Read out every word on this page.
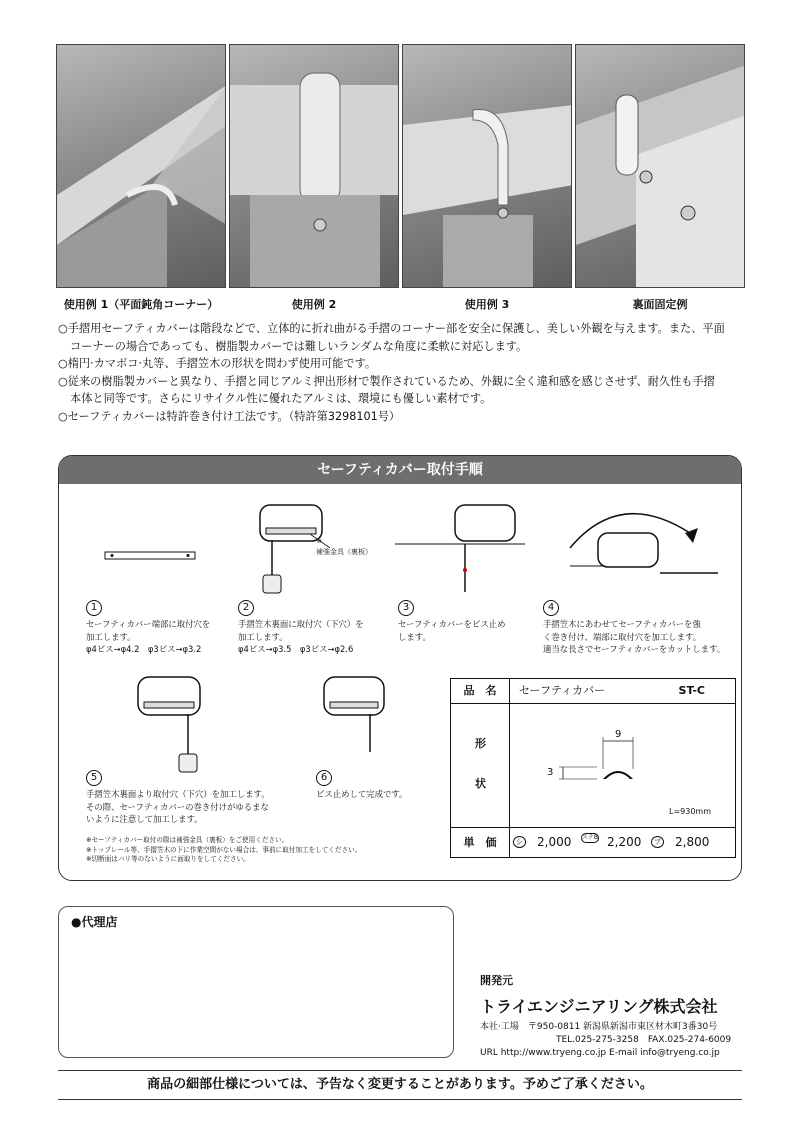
使用例 1（平面鈍角コーナー）	使用例 2	使用例 3	裏面固定例

○手摺用セーフティカバーは階段などで、立体的に折れ曲がる手摺のコーナー部を安全に保護し、美しい外観を与えます。また、平面

コーナーの場合であっても、樹脂製カバーでは難しいランダムな角度に柔軟に対応します。

○楕円·カマボコ·丸等、手摺笠木の形状を問わず使用可能です。

○従来の樹脂製カバーと異なり、手摺と同じアルミ押出形材で製作されているため、外観に全く違和感を感じさせず、耐久性も手摺

本体と同等です。さらにリサイクル性に優れたアルミは、環境にも優しい素材です。

○セーフティカバーは特許巻き付け工法です。（特許第3298101号）

セーフティカバー取付手順
※
補強金具（裏板）
1
セーフティカバー端部に取付穴を
加工します。
φ4ビス→φ4.2　φ3ビス→φ3.2
2
手摺笠木裏面に取付穴（下穴）を
加工します。
φ4ビス→φ3.5　φ3ビス→φ2.6
3
セーフティカバーをビス止め
します。
4
手摺笠木にあわせてセーフティカバーを強
く巻き付け、端部に取付穴を加工します。
適当な長さでセーフティカバーをカットします。
5
手摺笠木裏面より取付穴（下穴）を加工します。
その際、セーフティカバーの巻き付けがゆるまな
いように注意して加工します。
6
ビス止めして完成です。
※セーフティカバー取付の際は補強金具（裏板）をご使用ください。
※トップレール等、手摺笠木の下に作業空間がない場合は、事前に取付加工をしてください。
※切断面はバリ等のないように面取りをしてください。
品　名	セーフティカバー	ST-C
形
状
9
3
L=930mm
単　価	シ 2,000 ステB 2,200	ブ 2,800
●代理店
開発元
トライエンジニアリング株式会社
本社·工場　〒950-0811 新潟県新潟市東区材木町3番30号
TEL.025-275-3258　FAX.025-274-6009
URL http://www.tryeng.co.jp E-mail info@tryeng.co.jp
商品の細部仕様については、予告なく変更することがあります。予めご了承ください。
